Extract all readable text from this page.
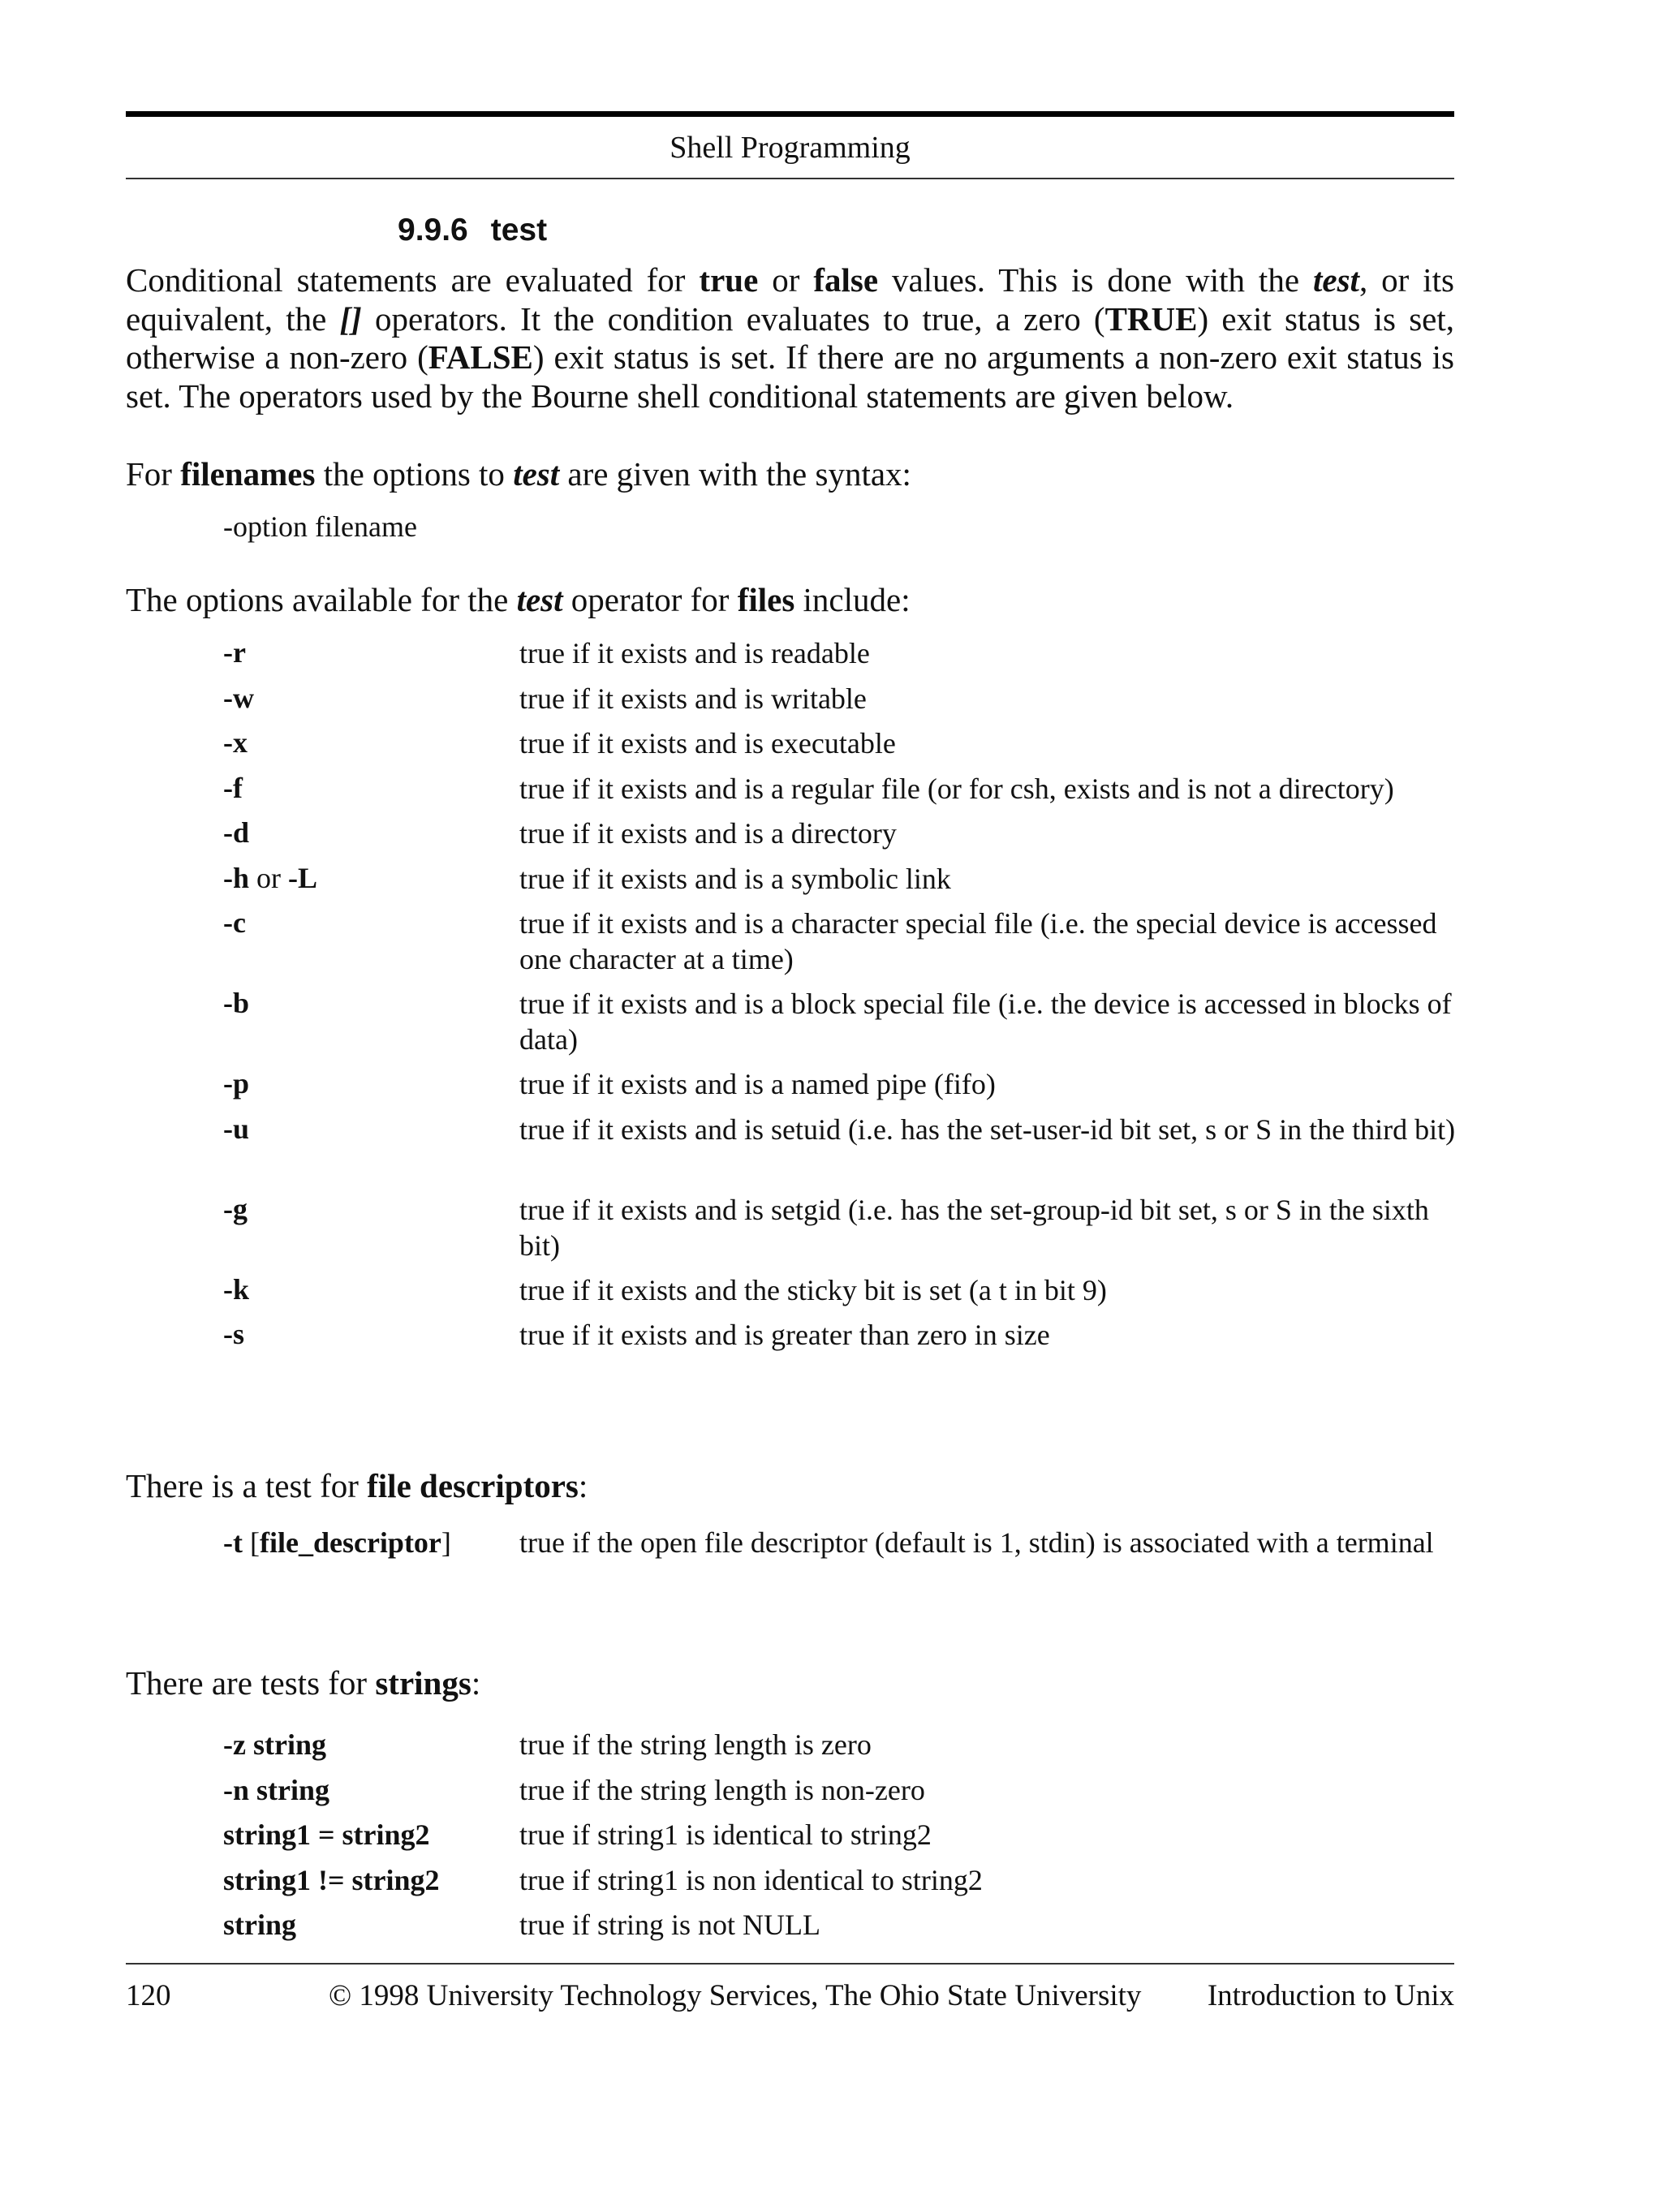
Shell Programming
9.9.6 test

Conditional statements are evaluated for true or false values. This is done with the test, or its equivalent, the [] operators. It the condition evaluates to true, a zero (TRUE) exit status is set, otherwise a non-zero (FALSE) exit status is set. If there are no arguments a non-zero exit status is set. The operators used by the Bourne shell conditional statements are given below.

For filenames the options to test are given with the syntax:

-option filename

The options available for the test operator for files include:

-r	true if it exists and is readable
-w	true if it exists and is writable
-x	true if it exists and is executable
-f	true if it exists and is a regular file (or for csh, exists and is not a directory)
-d	true if it exists and is a directory
-h or -L	true if it exists and is a symbolic link
-c	true if it exists and is a character special file (i.e. the special device is accessed one character at a time)
-b	true if it exists and is a block special file (i.e. the device is accessed in blocks of data)
-p	true if it exists and is a named pipe (fifo)
-u	true if it exists and is setuid (i.e. has the set-user-id bit set, s or S in the third bit)
-g	true if it exists and is setgid (i.e. has the set-group-id bit set, s or S in the sixth bit)
-k	true if it exists and the sticky bit is set (a t in bit 9)
-s	true if it exists and is greater than zero in size

There is a test for file descriptors:

-t [file_descriptor]	true if the open file descriptor (default is 1, stdin) is associated with a terminal

There are tests for strings:

-z string	true if the string length is zero
-n string	true if the string length is non-zero
string1 = string2	true if string1 is identical to string2
string1 != string2	true if string1 is non identical to string2
string	true if string is not NULL
120	© 1998 University Technology Services, The Ohio State University Introduction to Unix
